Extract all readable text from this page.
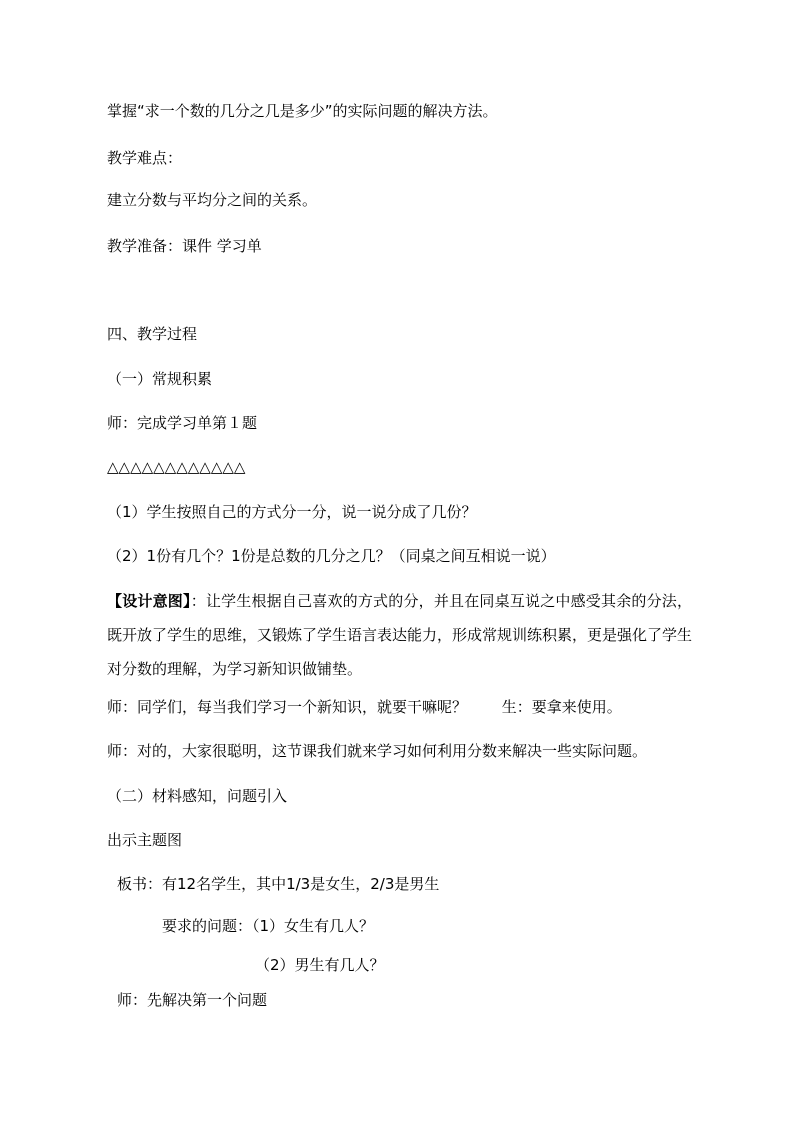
掌握“求一个数的几分之几是多少”的实际问题的解决方法。
教学难点：
建立分数与平均分之间的关系。
教学准备：课件 学习单
四、教学过程
（一）常规积累
师：完成学习单第１题
△△△△△△△△△△△△
（1）学生按照自己的方式分一分，说一说分成了几份？
（2）1份有几个？1份是总数的几分之几？（同桌之间互相说一说）
【设计意图】：让学生根据自己喜欢的方式的分，并且在同桌互说之中感受其余的分法，既开放了学生的思维，又锻炼了学生语言表达能力，形成常规训练积累，更是强化了学生对分数的理解，为学习新知识做铺垫。
师：同学们，每当我们学习一个新知识，就要干嘛呢？ 　　生：要拿来使用。
师：对的，大家很聪明，这节课我们就来学习如何利用分数来解决一些实际问题。
（二）材料感知，问题引入
出示主题图
板书：有12名学生，其中1/3是女生，2/3是男生
要求的问题：（1）女生有几人？
（2）男生有几人？
师：先解决第一个问题
